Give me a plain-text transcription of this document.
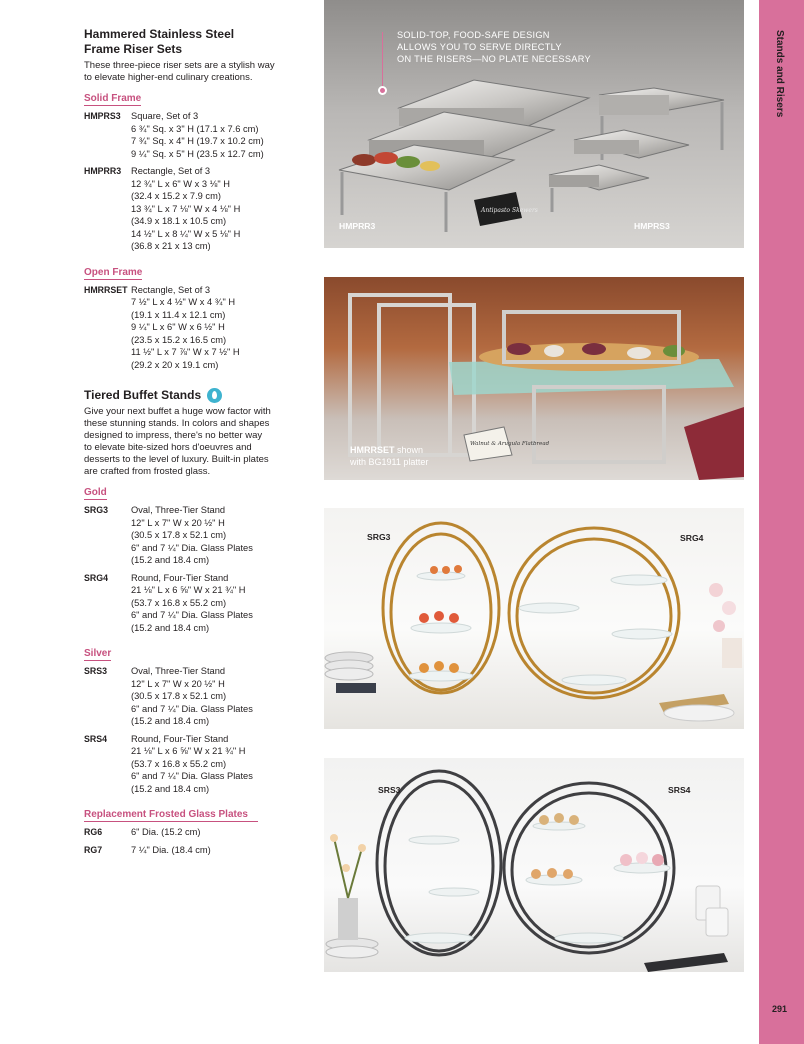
Hammered Stainless Steel
Frame Riser Sets
These three-piece riser sets are a stylish way
to elevate higher-end culinary creations.
Solid Frame
HMPRS3	Square, Set of 3
6 ¾" Sq. x 3" H (17.1 x 7.6 cm)
7 ¾" Sq. x 4" H (19.7 x 10.2 cm)
9 ¼" Sq. x 5" H (23.5 x 12.7 cm)
HMPRR3	Rectangle, Set of 3
12 ¾" L x 6" W x 3 ⅛" H
(32.4 x 15.2 x 7.9 cm)
13 ¾" L x 7 ⅛" W x 4 ⅛" H
(34.9 x 18.1 x 10.5 cm)
14 ½" L x 8 ¼" W x 5 ⅛" H
(36.8 x 21 x 13 cm)
Open Frame
HMRRSET Rectangle, Set of 3
7 ½" L x 4 ½" W x 4 ¾" H
(19.1 x 11.4 x 12.1 cm)
9 ¼" L x 6" W x 6 ½" H
(23.5 x 15.2 x 16.5 cm)
11 ½" L x 7 ⅞" W x 7 ½" H
(29.2 x 20 x 19.1 cm)
Tiered Buffet Stands
Give your next buffet a huge wow factor with
these stunning stands. In colors and shapes
designed to impress, there's no better way
to elevate bite-sized hors d'oeuvres and
desserts to the level of luxury. Built-in plates
are crafted from frosted glass.
Gold
SRG3	Oval, Three-Tier Stand
12" L x 7" W x 20 ½" H
(30.5 x 17.8 x 52.1 cm)
6" and 7 ¼" Dia. Glass Plates
(15.2 and 18.4 cm)
SRG4	Round, Four-Tier Stand
21 ⅛" L x 6 ⅝" W x 21 ¾" H
(53.7 x 16.8 x 55.2 cm)
6" and 7 ¼" Dia. Glass Plates
(15.2 and 18.4 cm)
Silver
SRS3	Oval, Three-Tier Stand
12" L x 7" W x 20 ½" H
(30.5 x 17.8 x 52.1 cm)
6" and 7 ¼" Dia. Glass Plates
(15.2 and 18.4 cm)
SRS4	Round, Four-Tier Stand
21 ⅛" L x 6 ⅝" W x 21 ¾" H
(53.7 x 16.8 x 55.2 cm)
6" and 7 ¼" Dia. Glass Plates
(15.2 and 18.4 cm)
Replacement Frosted Glass Plates
RG6	6" Dia. (15.2 cm)
RG7	7 ¼" Dia. (18.4 cm)
Antipasto Skewers
HMPRR3	HMPRS3
SOLID-TOP, FOOD-SAFE DESIGN
ALLOWS YOU TO SERVE DIRECTLY
ON THE RISERS—NO PLATE NECESSARY
Walnut & Arugula Flatbread
HMRRSET shown
with BG1911 platter
SRG3	SRG4
SRS3	SRS4
Stands and Risers
291
